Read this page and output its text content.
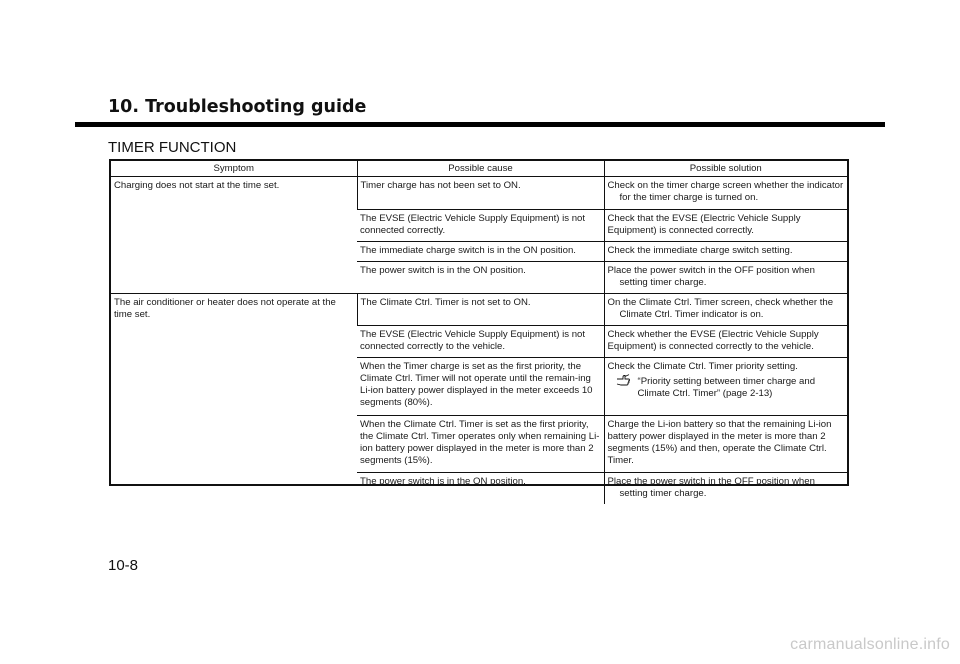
10. Troubleshooting guide
TIMER FUNCTION
Symptom	Possible cause	Possible solution
Charging does not start at the time set.	Timer charge has not been set to ON.	Check on the timer charge screen whether the indicator for the timer charge is turned on.

	The EVSE (Electric Vehicle Supply Equipment) is not connected correctly.	Check that the EVSE (Electric Vehicle Supply Equipment) is connected correctly.
	The immediate charge switch is in the ON position.	Check the immediate charge switch setting.
	The power switch is in the ON position.	Place the power switch in the OFF position when setting timer charge.

The air conditioner or heater does not operate at the time set.	The Climate Ctrl. Timer is not set to ON.	On the Climate Ctrl. Timer screen, check whether the Climate Ctrl. Timer indicator is on.

	The EVSE (Electric Vehicle Supply Equipment) is not connected correctly to the vehicle.	Check whether the EVSE (Electric Vehicle Supply Equipment) is connected correctly to the vehicle.
	When the Timer charge is set as the first priority, the Climate Ctrl. Timer will not operate until the remain-ing Li-ion battery power displayed in the meter exceeds 10 segments (80%).	Check the Climate Ctrl. Timer priority setting.
“Priority setting between timer charge and Climate Ctrl. Timer” (page 2-13)

	When the Climate Ctrl. Timer is set as the first priority, the Climate Ctrl. Timer operates only when remaining Li-ion battery power displayed in the meter is more than 2 segments (15%).	Charge the Li-ion battery so that the remaining Li-ion battery power displayed in the meter is more than 2 segments (15%) and then, operate the Climate Ctrl. Timer.
	The power switch is in the ON position.	Place the power switch in the OFF position when setting timer charge.

10-8

carmanualsonline.info
